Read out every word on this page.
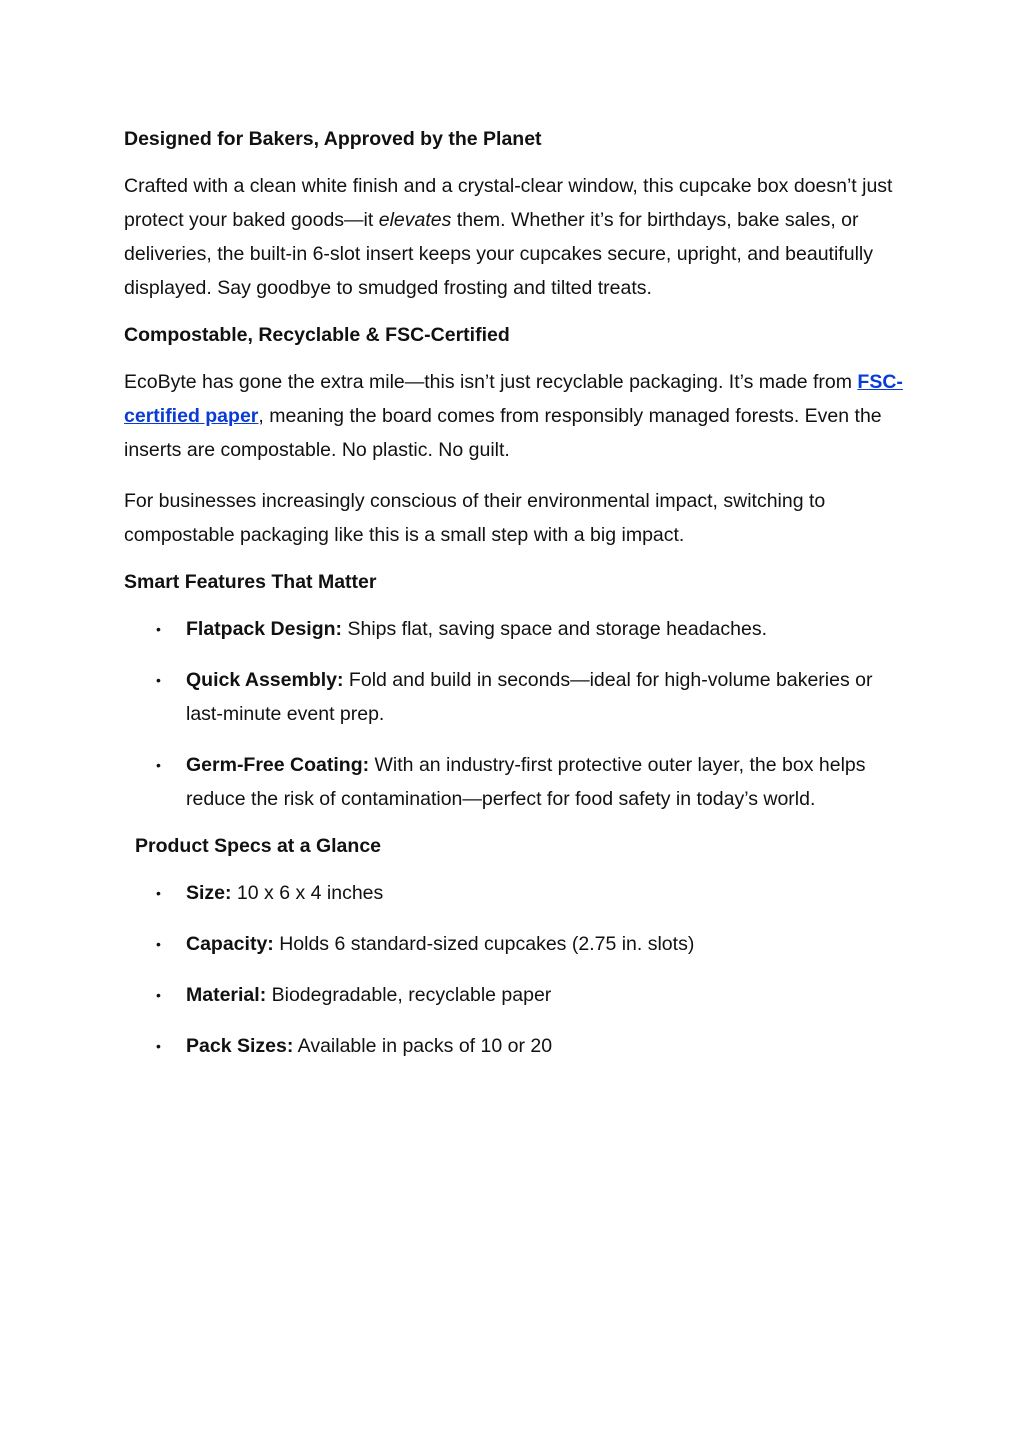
Designed for Bakers, Approved by the Planet

Crafted with a clean white finish and a crystal-clear window, this cupcake box doesn’t just protect your baked goods—it elevates them. Whether it’s for birthdays, bake sales, or deliveries, the built-in 6-slot insert keeps your cupcakes secure, upright, and beautifully displayed. Say goodbye to smudged frosting and tilted treats.

Compostable, Recyclable & FSC-Certified

EcoByte has gone the extra mile—this isn’t just recyclable packaging. It’s made from FSC-certified paper, meaning the board comes from responsibly managed forests. Even the inserts are compostable. No plastic. No guilt.

For businesses increasingly conscious of their environmental impact, switching to compostable packaging like this is a small step with a big impact.

Smart Features That Matter
• Flatpack Design: Ships flat, saving space and storage headaches.
• Quick Assembly: Fold and build in seconds—ideal for high-volume bakeries or last-minute event prep.
• Germ-Free Coating: With an industry-first protective outer layer, the box helps reduce the risk of contamination—perfect for food safety in today’s world.
Product Specs at a Glance
• Size: 10 x 6 x 4 inches
• Capacity: Holds 6 standard-sized cupcakes (2.75 in. slots)
• Material: Biodegradable, recyclable paper
• Pack Sizes: Available in packs of 10 or 20
